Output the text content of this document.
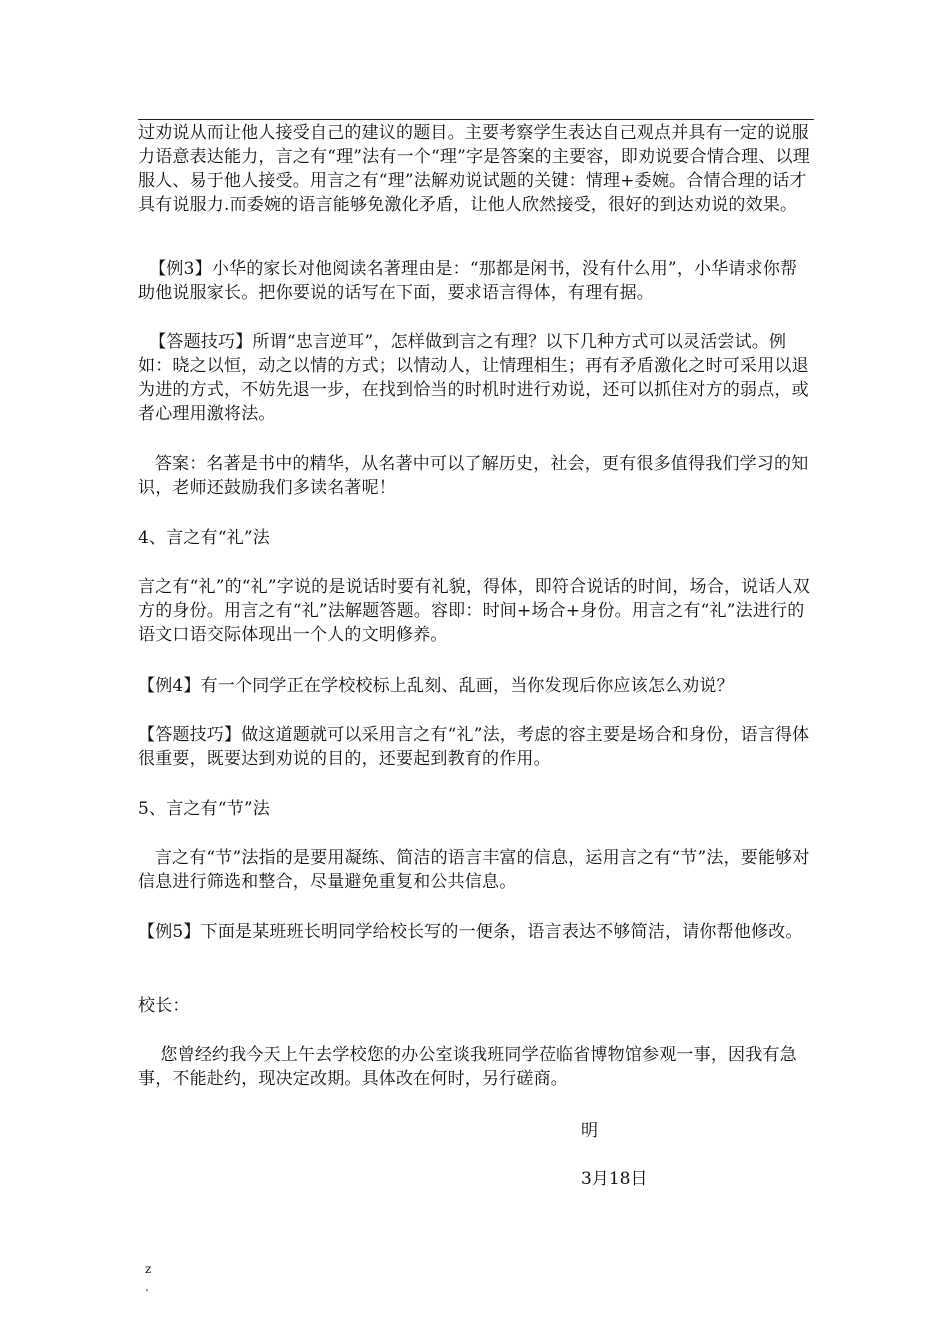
过劝说从而让他人接受自己的建议的题目。主要考察学生表达自己观点并具有一定的说服力语意表达能力，言之有“理”法有一个“理”字是答案的主要容，即劝说要合情合理、以理服人、易于他人接受。用言之有“理”法解劝说试题的关键：情理+委婉。合情合理的话才具有说服力.而委婉的语言能够免激化矛盾，让他人欣然接受，很好的到达劝说的效果。

【例3】小华的家长对他阅读名著理由是：“那都是闲书，没有什么用”，小华请求你帮助他说服家长。把你要说的话写在下面，要求语言得体，有理有据。

【答题技巧】所谓“忠言逆耳”，怎样做到言之有理？以下几种方式可以灵活尝试。例如：晓之以恒，动之以情的方式；以情动人，让情理相生；再有矛盾激化之时可采用以退为进的方式，不妨先退一步，在找到恰当的时机时进行劝说，还可以抓住对方的弱点，或者心理用激将法。

答案：名著是书中的精华，从名著中可以了解历史，社会，更有很多值得我们学习的知识，老师还鼓励我们多读名著呢！

4、言之有“礼”法

言之有“礼”的“礼”字说的是说话时要有礼貌，得体，即符合说话的时间，场合，说话人双方的身份。用言之有“礼”法解题答题。容即：时间+场合+身份。用言之有“礼”法进行的语文口语交际体现出一个人的文明修养。

【例4】有一个同学正在学校校标上乱刻、乱画，当你发现后你应该怎么劝说？

【答题技巧】做这道题就可以采用言之有“礼”法，考虑的容主要是场合和身份，语言得体很重要，既要达到劝说的目的，还要起到教育的作用。

5、言之有“节”法

言之有“节”法指的是要用凝练、简洁的语言丰富的信息，运用言之有“节”法，要能够对信息进行筛选和整合，尽量避免重复和公共信息。

【例5】下面是某班班长明同学给校长写的一便条，语言表达不够简洁，请你帮他修改。

校长：

您曾经约我今天上午去学校您的办公室谈我班同学莅临省博物馆参观一事，因我有急事，不能赴约，现决定改期。具体改在何时，另行磋商。

明
3月18日
z
.
